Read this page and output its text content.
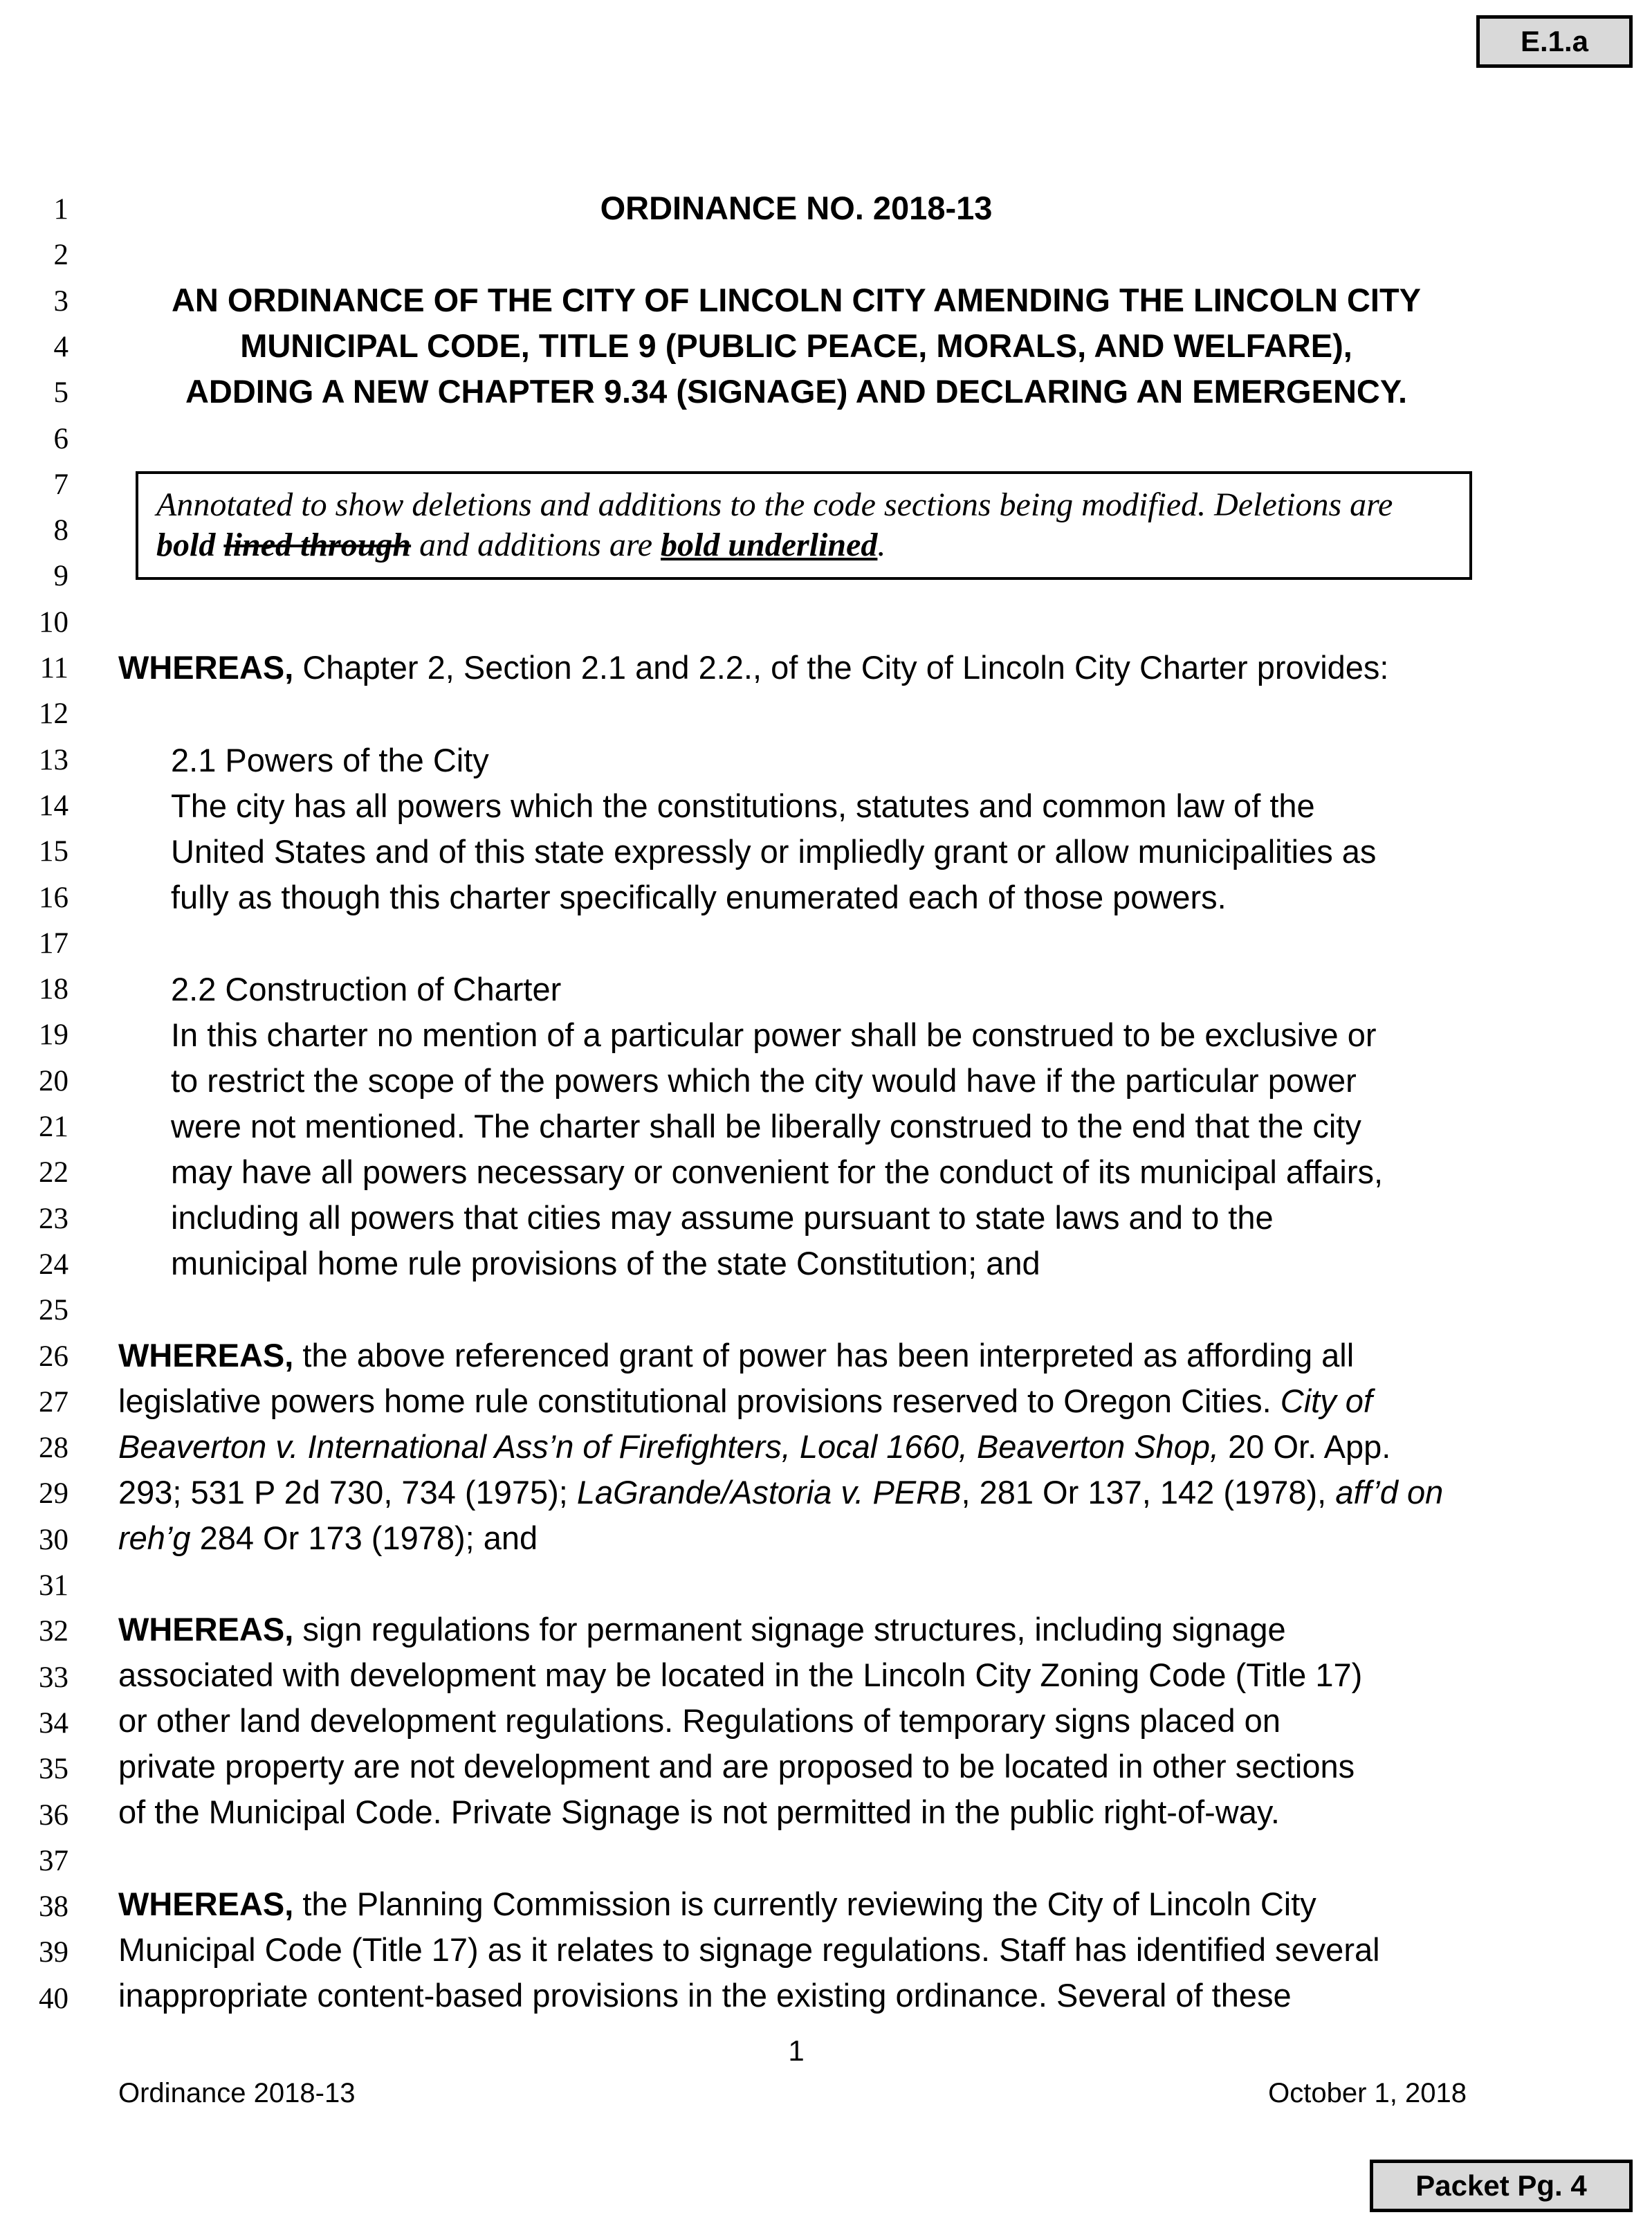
E.1.a
1
2
3
4
5
6
7
8
9
10
11
12
13
14
15
16
17
18
19
20
21
22
23
24
25
26
27
28
29
30
31
32
33
34
35
36
37
38
39
40
ORDINANCE NO. 2018-13
AN ORDINANCE OF THE CITY OF LINCOLN CITY AMENDING THE LINCOLN CITY
MUNICIPAL CODE, TITLE 9 (PUBLIC PEACE, MORALS, AND WELFARE),
ADDING A NEW CHAPTER 9.34 (SIGNAGE) AND DECLARING AN EMERGENCY.
Annotated to show deletions and additions to the code sections being modified. Deletions are
bold lined through and additions are bold underlined.
WHEREAS, Chapter 2, Section 2.1 and 2.2., of the City of Lincoln City Charter provides:
2.1 Powers of the City
The city has all powers which the constitutions, statutes and common law of the
United States and of this state expressly or impliedly grant or allow municipalities as
fully as though this charter specifically enumerated each of those powers.
2.2 Construction of Charter
In this charter no mention of a particular power shall be construed to be exclusive or
to restrict the scope of the powers which the city would have if the particular power
were not mentioned. The charter shall be liberally construed to the end that the city
may have all powers necessary or convenient for the conduct of its municipal affairs,
including all powers that cities may assume pursuant to state laws and to the
municipal home rule provisions of the state Constitution; and
WHEREAS, the above referenced grant of power has been interpreted as affording all
legislative powers home rule constitutional provisions reserved to Oregon Cities. City of
Beaverton v. International Ass’n of Firefighters, Local 1660, Beaverton Shop, 20 Or. App.
293; 531 P 2d 730, 734 (1975); LaGrande/Astoria v. PERB, 281 Or 137, 142 (1978), aff’d on
reh’g 284 Or 173 (1978); and
WHEREAS, sign regulations for permanent signage structures, including signage
associated with development may be located in the Lincoln City Zoning Code (Title 17)
or other land development regulations. Regulations of temporary signs placed on
private property are not development and are proposed to be located in other sections
of the Municipal Code. Private Signage is not permitted in the public right-of-way.
WHEREAS, the Planning Commission is currently reviewing the City of Lincoln City
Municipal Code (Title 17) as it relates to signage regulations. Staff has identified several
inappropriate content-based provisions in the existing ordinance. Several of these
1
Ordinance 2018-13	October 1, 2018
Packet Pg. 4
